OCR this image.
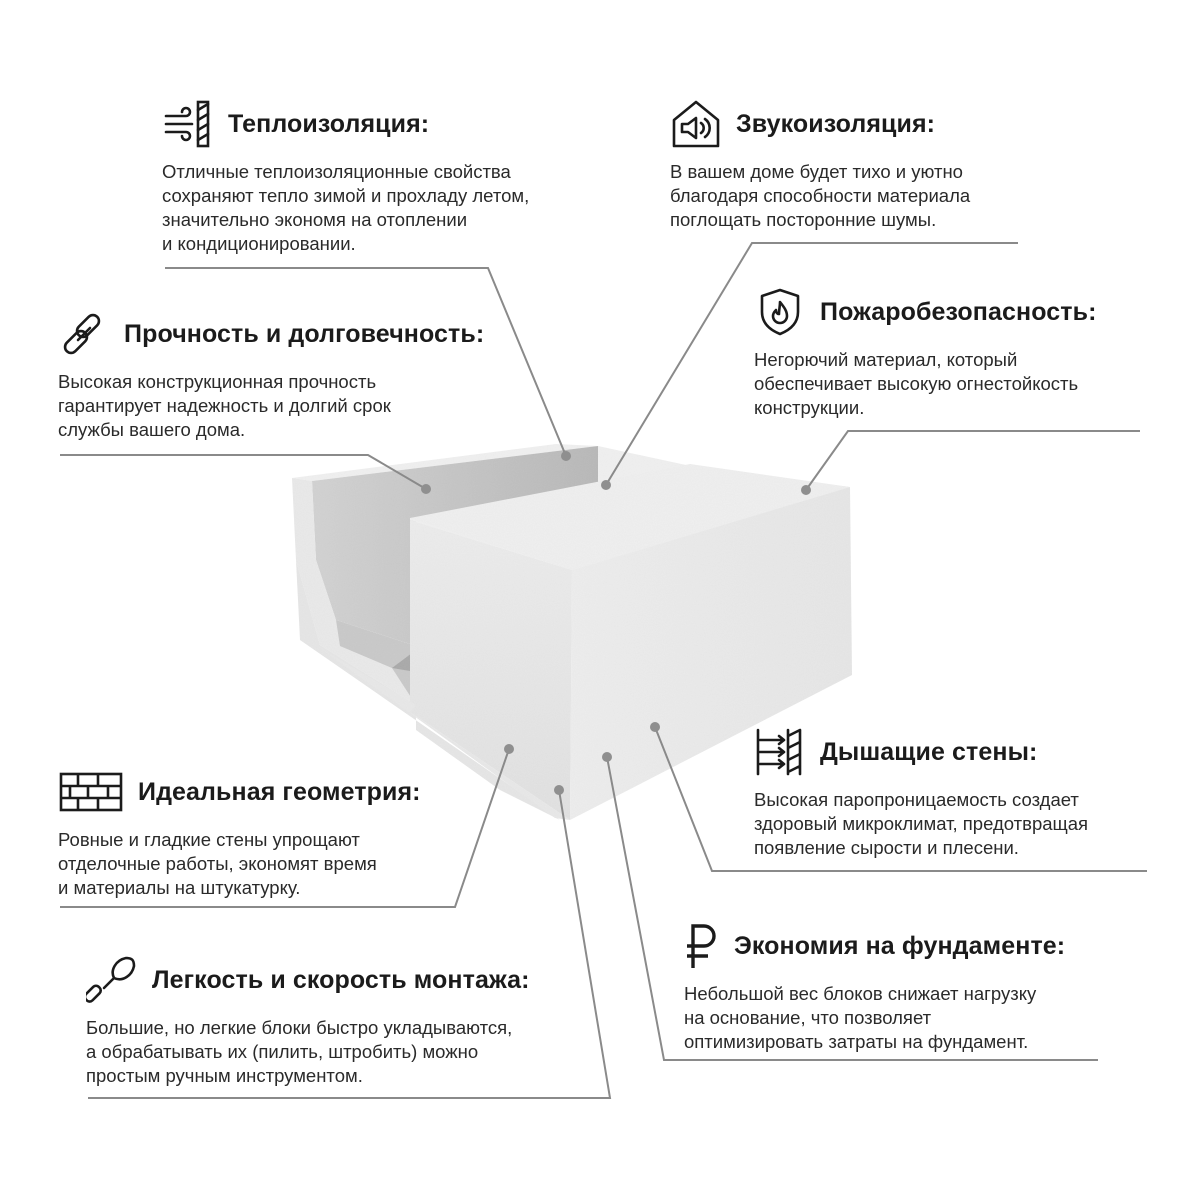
Теплоизоляция:
Отличные теплоизоляционные свойства
сохраняют тепло зимой и прохладу летом,
значительно экономя на отоплении
и кондиционировании.
Звукоизоляция:
В вашем доме будет тихо и уютно
благодаря способности материала
поглощать посторонние шумы.
Прочность и долговечность:
Высокая конструкционная прочность
гарантирует надежность и долгий срок
службы вашего дома.
Пожаробезопасность:
Негорючий материал, который
обеспечивает высокую огнестойкость
конструкции.
Идеальная геометрия:
Ровные и гладкие стены упрощают
отделочные работы, экономят время
и материалы на штукатурку.
Дышащие стены:
Высокая паропроницаемость создает
здоровый микроклимат, предотвращая
появление сырости и плесени.
Легкость и скорость монтажа:
Большие, но легкие блоки быстро укладываются,
а обрабатывать их (пилить, штробить) можно
простым ручным инструментом.
Экономия на фундаменте:
Небольшой вес блоков снижает нагрузку
на основание, что позволяет
оптимизировать затраты на фундамент.
